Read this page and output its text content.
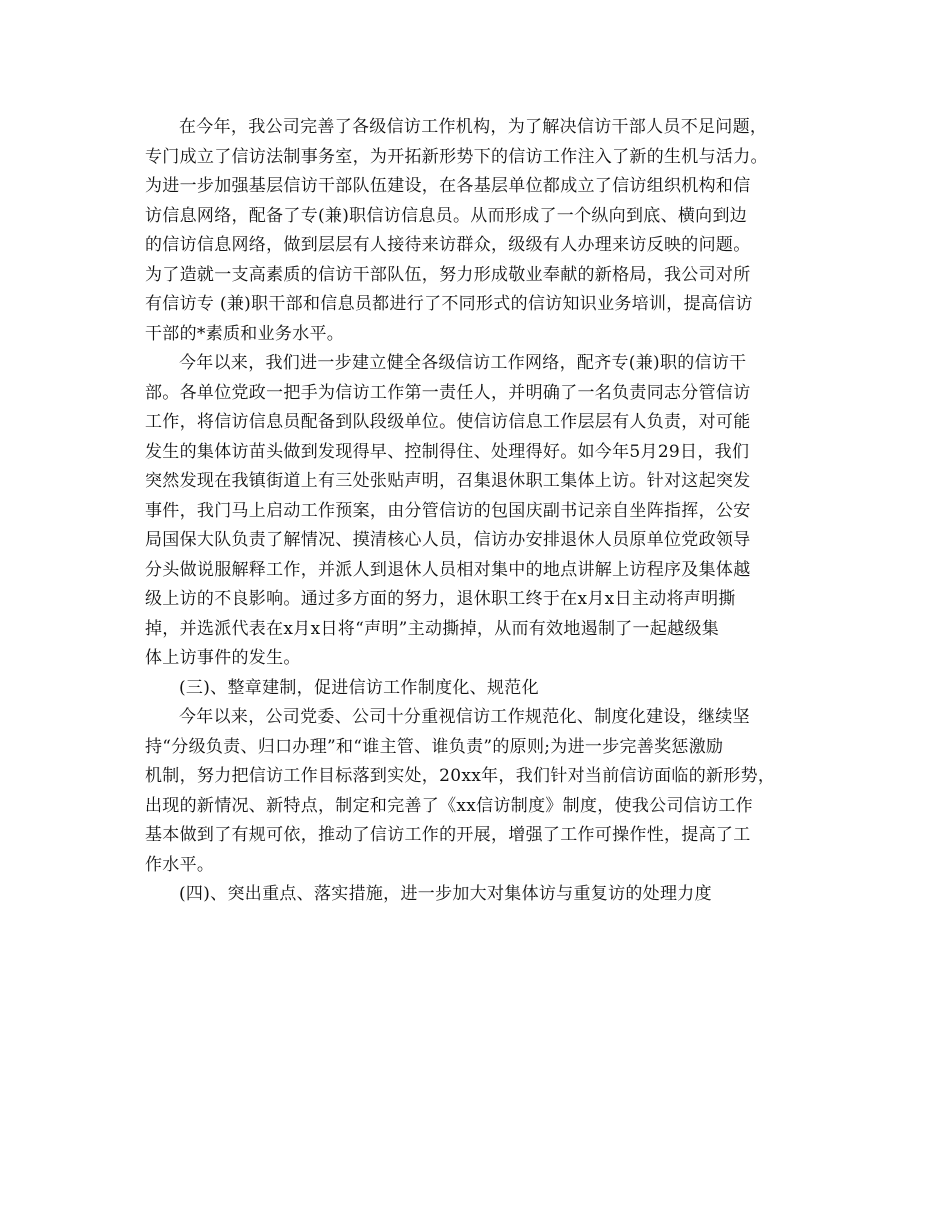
在今年，我公司完善了各级信访工作机构，为了解决信访干部人员不足问题，
专门成立了信访法制事务室，为开拓新形势下的信访工作注入了新的生机与活力。
为进一步加强基层信访干部队伍建设，在各基层单位都成立了信访组织机构和信
访信息网络，配备了专(兼)职信访信息员。从而形成了一个纵向到底、横向到边
的信访信息网络，做到层层有人接待来访群众，级级有人办理来访反映的问题。
为了造就一支高素质的信访干部队伍，努力形成敬业奉献的新格局，我公司对所
有信访专 (兼)职干部和信息员都进行了不同形式的信访知识业务培训，提高信访
干部的*素质和业务水平。
今年以来，我们进一步建立健全各级信访工作网络，配齐专(兼)职的信访干
部。各单位党政一把手为信访工作第一责任人，并明确了一名负责同志分管信访
工作，将信访信息员配备到队段级单位。使信访信息工作层层有人负责，对可能
发生的集体访苗头做到发现得早、控制得住、处理得好。如今年5月29日，我们
突然发现在我镇街道上有三处张贴声明，召集退休职工集体上访。针对这起突发
事件，我门马上启动工作预案，由分管信访的包国庆副书记亲自坐阵指挥，公安
局国保大队负责了解情况、摸清核心人员，信访办安排退休人员原单位党政领导
分头做说服解释工作，并派人到退休人员相对集中的地点讲解上访程序及集体越
级上访的不良影响。通过多方面的努力，退休职工终于在x月x日主动将声明撕
掉，并选派代表在x月x日将“声明”主动撕掉，从而有效地遏制了一起越级集
体上访事件的发生。
(三)、整章建制，促进信访工作制度化、规范化
今年以来，公司党委、公司十分重视信访工作规范化、制度化建设，继续坚
持“分级负责、归口办理”和“谁主管、谁负责”的原则;为进一步完善奖惩激励
机制，努力把信访工作目标落到实处，20xx年，我们针对当前信访面临的新形势，
出现的新情况、新特点，制定和完善了《xx信访制度》制度，使我公司信访工作
基本做到了有规可依，推动了信访工作的开展，增强了工作可操作性，提高了工
作水平。
(四)、突出重点、落实措施，进一步加大对集体访与重复访的处理力度
